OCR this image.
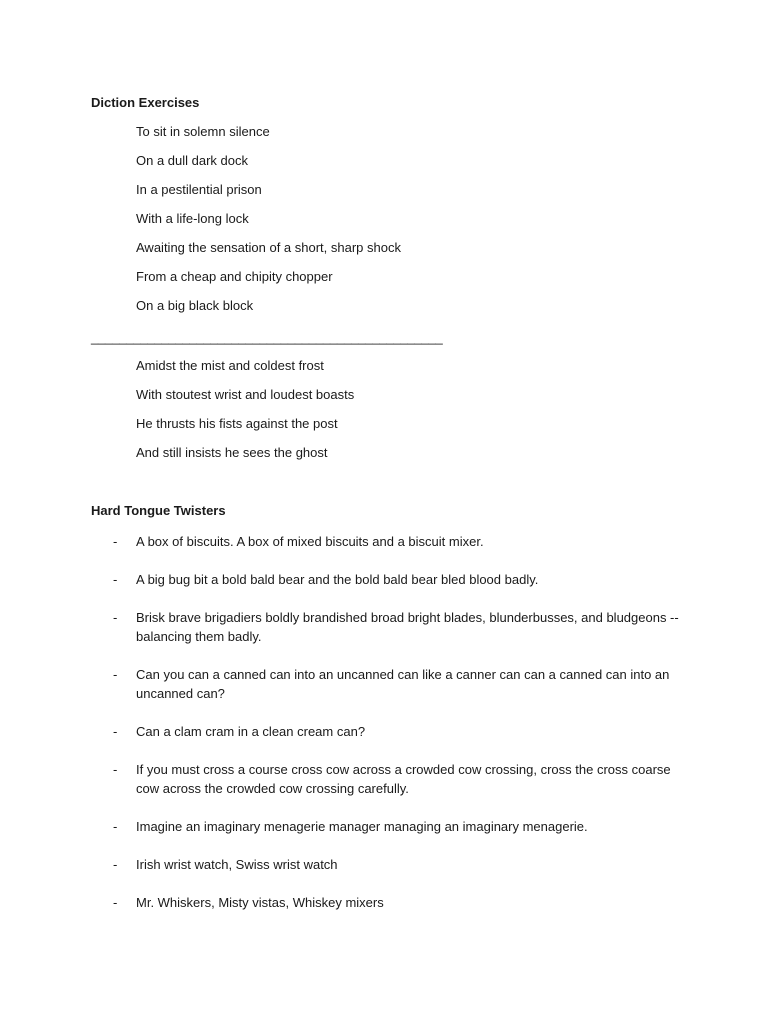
Diction Exercises
To sit in solemn silence
On a dull dark dock
In a pestilential prison
With a life-long lock
Awaiting the sensation of a short, sharp shock
From a cheap and chipity chopper
On a big black block
__________________________________________________
Amidst the mist and coldest frost
With stoutest wrist and loudest boasts
He thrusts his fists against the post
And still insists he sees the ghost
Hard Tongue Twisters
- A box of biscuits. A box of mixed biscuits and a biscuit mixer.
- A big bug bit a bold bald bear and the bold bald bear bled blood badly.
- Brisk brave brigadiers boldly brandished broad bright blades, blunderbusses, and bludgeons -- balancing them badly.
- Can you can a canned can into an uncanned can like a canner can can a canned can into an uncanned can?
- Can a clam cram in a clean cream can?
- If you must cross a course cross cow across a crowded cow crossing, cross the cross coarse cow across the crowded cow crossing carefully.
- Imagine an imaginary menagerie manager managing an imaginary menagerie.
- Irish wrist watch, Swiss wrist watch
- Mr. Whiskers, Misty vistas, Whiskey mixers
